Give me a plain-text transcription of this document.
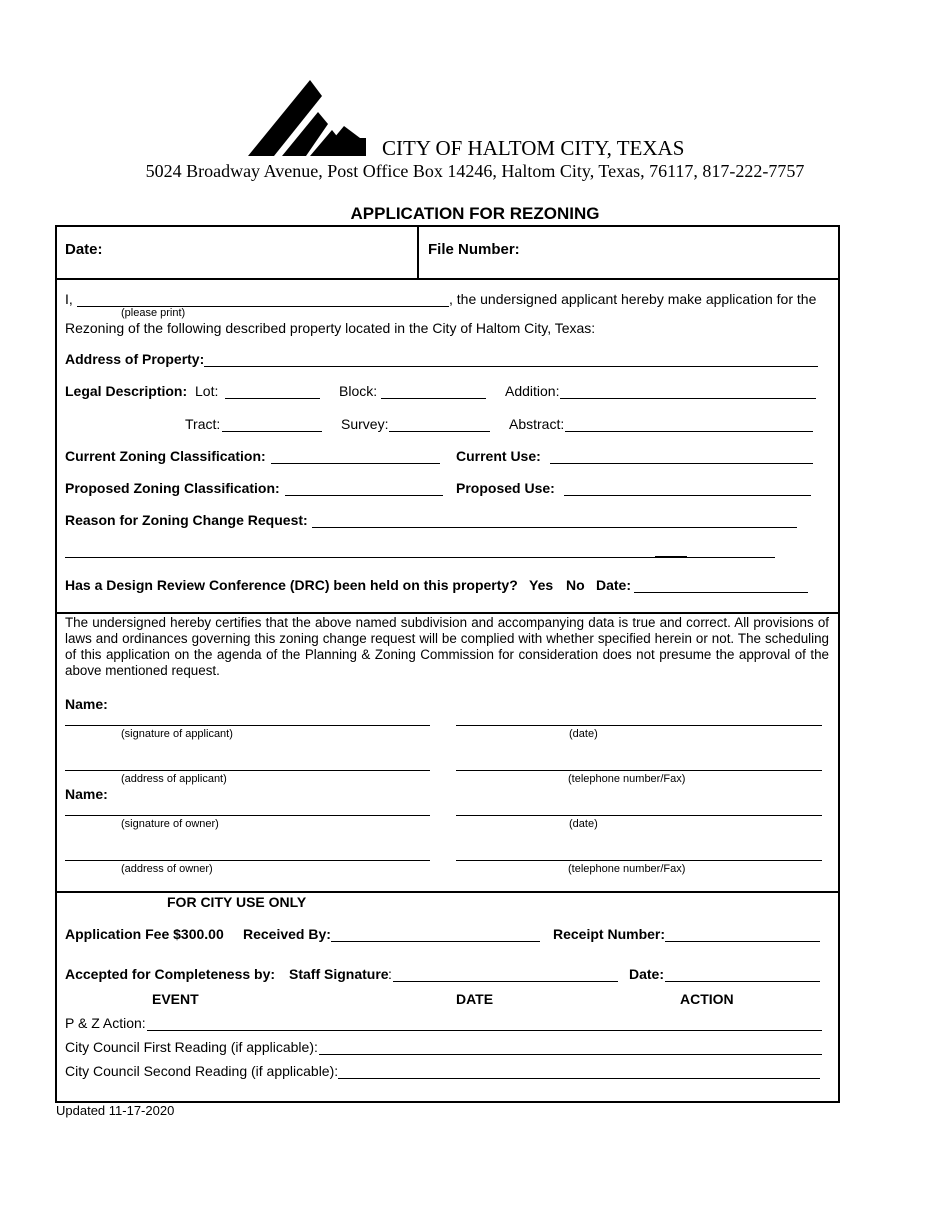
CITY OF HALTOM CITY, TEXAS
5024 Broadway Avenue, Post Office Box 14246, Haltom City, Texas, 76117, 817-222-7757
APPLICATION FOR REZONING
Date:	File Number:
I,	, the undersigned applicant hereby make application for the
(please print)
Rezoning of the following described property located in the City of Haltom City, Texas:
Address of Property:
Legal Description: Lot:	Block:	Addition:
Tract:	Survey:	Abstract:
Current Zoning Classification:	Current Use:
Proposed Zoning Classification:	Proposed Use:
Reason for Zoning Change Request:
Has a Design Review Conference (DRC) been held on this property? Yes No Date:
The undersigned hereby certifies that the above named subdivision and accompanying data is true and correct. All provisions of laws and ordinances governing this zoning change request will be complied with whether specified herein or not. The scheduling of this application on the agenda of the Planning & Zoning Commission for consideration does not presume the approval of the above mentioned request.
Name:
(signature of applicant)	(date)
(address of applicant)	(telephone number/Fax)
Name:
(signature of owner)	(date)
(address of owner)	(telephone number/Fax)
FOR CITY USE ONLY
Application Fee $300.00 Received By:	Receipt Number:
Accepted for Completeness by: Staff Signature :	Date:
EVENT	DATE	ACTION
P & Z Action:
City Council First Reading (if applicable):
City Council Second Reading (if applicable):
Updated 11-17-2020
